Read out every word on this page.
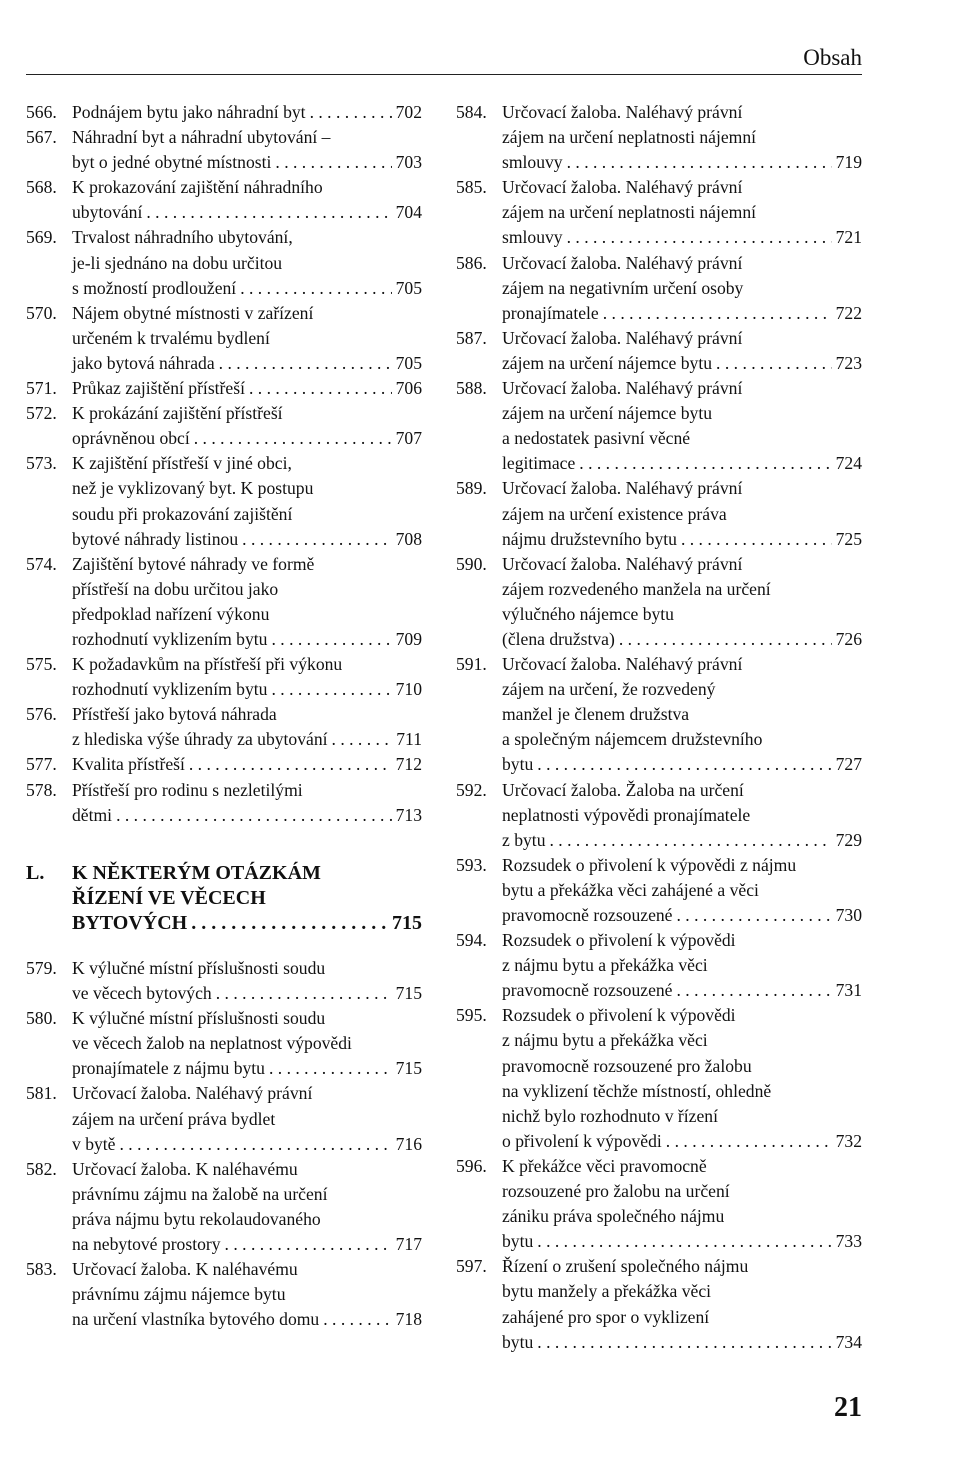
Obsah
566. Podnájem bytu jako náhradní byt . . .	702
567. Náhradní byt a náhradní ubytování –
byt o jedné obytné místnosti . . .	703
568. K prokazování zajištění náhradního
ubytování . . .	704
569. Trvalost náhradního ubytování,
je-li sjednáno na dobu určitou
s možností prodloužení . . .	705
570. Nájem obytné místnosti v zařízení
určeném k trvalému bydlení
jako bytová náhrada . . .	705
571. Průkaz zajištění přístřeší . . .	706
572. K prokázání zajištění přístřeší
oprávněnou obcí . . .	707
573. K zajištění přístřeší v jiné obci,
než je vyklizovaný byt. K postupu
soudu při prokazování zajištění
bytové náhrady listinou . . .	708
574. Zajištění bytové náhrady ve formě
přístřeší na dobu určitou jako
předpoklad nařízení výkonu
rozhodnutí vyklizením bytu . . .	709
575. K požadavkům na přístřeší při výkonu
rozhodnutí vyklizením bytu . . .	710
576. Přístřeší jako bytová náhrada
z hlediska výše úhrady za ubytování . . .	711
577. Kvalita přístřeší . . .	712
578. Přístřeší pro rodinu s nezletilými
dětmi . . .	713
L. K NĚKTERÝM OTÁZKÁM
ŘÍZENÍ VE VĚCECH
BYTOVÝCH . . .	715
579. K výlučné místní příslušnosti soudu
ve věcech bytových . . .	715
580. K výlučné místní příslušnosti soudu
ve věcech žalob na neplatnost výpovědi
pronajímatele z nájmu bytu . . .	715
581. Určovací žaloba. Naléhavý právní
zájem na určení práva bydlet
v bytě . . .	716
582. Určovací žaloba. K naléhavému
právnímu zájmu na žalobě na určení
práva nájmu bytu rekolaudovaného
na nebytové prostory . . .	717
583. Určovací žaloba. K naléhavému
právnímu zájmu nájemce bytu
na určení vlastníka bytového domu . . .	718
584. Určovací žaloba. Naléhavý právní
zájem na určení neplatnosti nájemní
smlouvy . . .	719
585. Určovací žaloba. Naléhavý právní
zájem na určení neplatnosti nájemní
smlouvy . . .	721
586. Určovací žaloba. Naléhavý právní
zájem na negativním určení osoby
pronajímatele . . .	722
587. Určovací žaloba. Naléhavý právní
zájem na určení nájemce bytu . . .	723
588. Určovací žaloba. Naléhavý právní
zájem na určení nájemce bytu
a nedostatek pasivní věcné
legitimace . . .	724
589. Určovací žaloba. Naléhavý právní
zájem na určení existence práva
nájmu družstevního bytu . . .	725
590. Určovací žaloba. Naléhavý právní
zájem rozvedeného manžela na určení
výlučného nájemce bytu
(člena družstva) . . .	726
591. Určovací žaloba. Naléhavý právní
zájem na určení, že rozvedený
manžel je členem družstva
a společným nájemcem družstevního
bytu . . .	727
592. Určovací žaloba. Žaloba na určení
neplatnosti výpovědi pronajímatele
z bytu . . .	729
593. Rozsudek o přivolení k výpovědi z nájmu
bytu a překážka věci zahájené a věci
pravomocně rozsouzené . . .	730
594. Rozsudek o přivolení k výpovědi
z nájmu bytu a překážka věci
pravomocně rozsouzené . . .	731
595. Rozsudek o přivolení k výpovědi
z nájmu bytu a překážka věci
pravomocně rozsouzené pro žalobu
na vyklizení těchže místností, ohledně
nichž bylo rozhodnuto v řízení
o přivolení k výpovědi . . .	732
596. K překážce věci pravomocně
rozsouzené pro žalobu na určení
zániku práva společného nájmu
bytu . . .	733
597. Řízení o zrušení společného nájmu
bytu manžely a překážka věci
zahájené pro spor o vyklizení
bytu . . .	734
21
